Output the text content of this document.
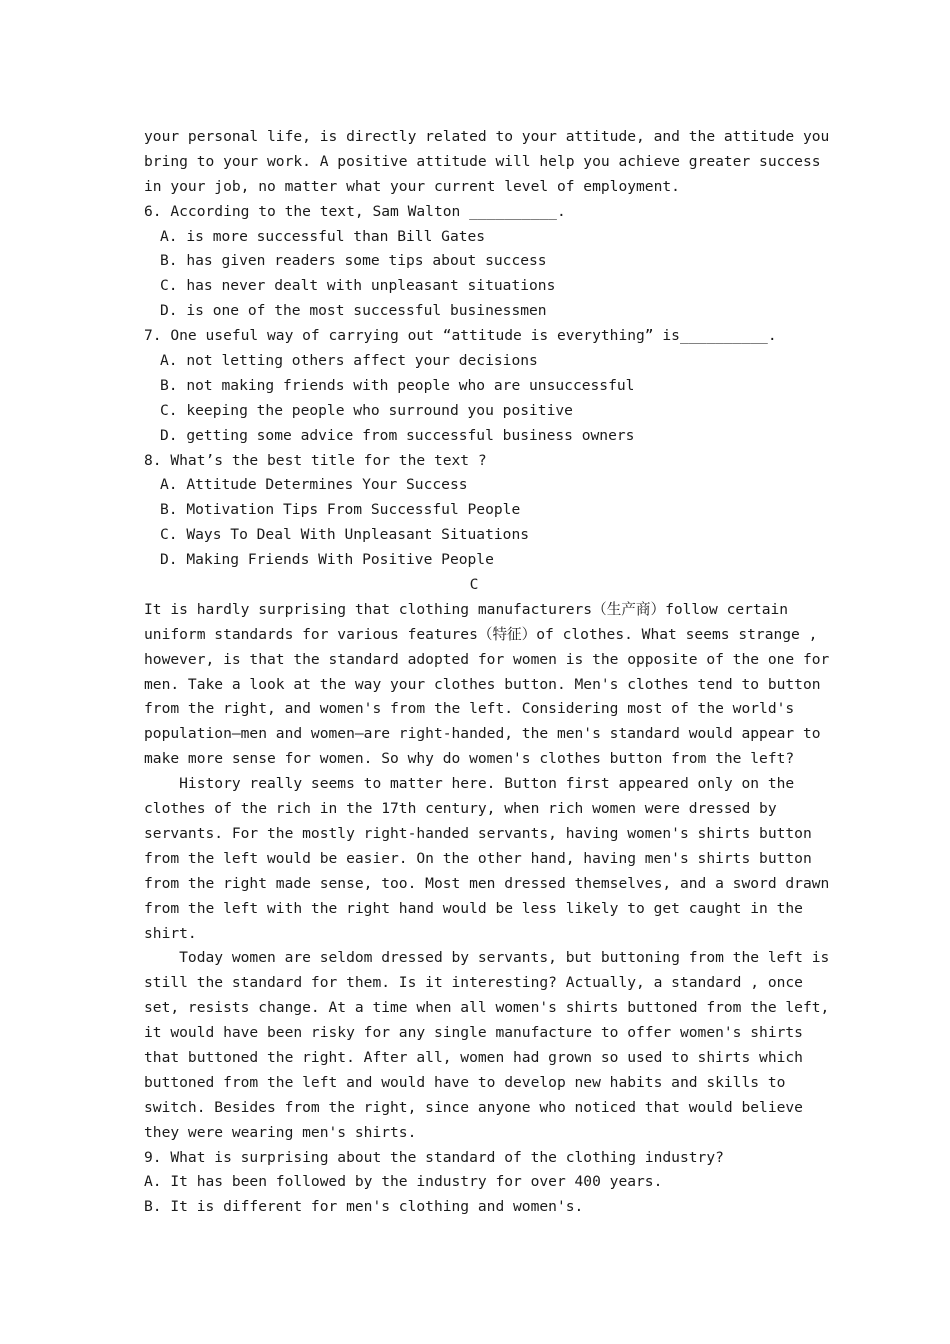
your personal life, is directly related to your attitude, and the attitude you
bring to your work. A positive attitude will help you achieve greater success
in your job, no matter what your current level of employment.
6. According to the text, Sam Walton __________.
A. is more successful than Bill Gates
B. has given readers some tips about success
C. has never dealt with unpleasant situations
D. is one of the most successful businessmen
7. One useful way of carrying out “attitude is everything” is__________.
A. not letting others affect your decisions
B. not making friends with people who are unsuccessful
C. keeping the people who surround you positive
D. getting some advice from successful business owners
8. What’s the best title for the text ?
A. Attitude Determines Your Success
B. Motivation Tips From Successful People
C. Ways To Deal With Unpleasant Situations
D. Making Friends With Positive People
C
It is hardly surprising that clothing manufacturers（生产商）follow certain
uniform standards for various features（特征）of clothes. What seems strange ,
however, is that the standard adopted for women is the opposite of the one for
men. Take a look at the way your clothes button. Men's clothes tend to button
from the right, and women's from the left. Considering most of the world's
population—men and women—are right-handed, the men's standard would appear to
make more sense for women. So why do women's clothes button from the left?
History really seems to matter here. Button first appeared only on the
clothes of the rich in the 17th century, when rich women were dressed by
servants. For the mostly right-handed servants, having women's shirts button
from the left would be easier. On the other hand, having men's shirts button
from the right made sense, too. Most men dressed themselves, and a sword drawn
from the left with the right hand would be less likely to get caught in the
shirt.
Today women are seldom dressed by servants, but buttoning from the left is
still the standard for them. Is it interesting? Actually, a standard , once
set, resists change. At a time when all women's shirts buttoned from the left,
it would have been risky for any single manufacture to offer women's shirts
that buttoned the right. After all, women had grown so used to shirts which
buttoned from the left and would have to develop new habits and skills to
switch. Besides from the right, since anyone who noticed that would believe
they were wearing men's shirts.
9. What is surprising about the standard of the clothing industry?
A. It has been followed by the industry for over 400 years.
B. It is different for men's clothing and women's.
